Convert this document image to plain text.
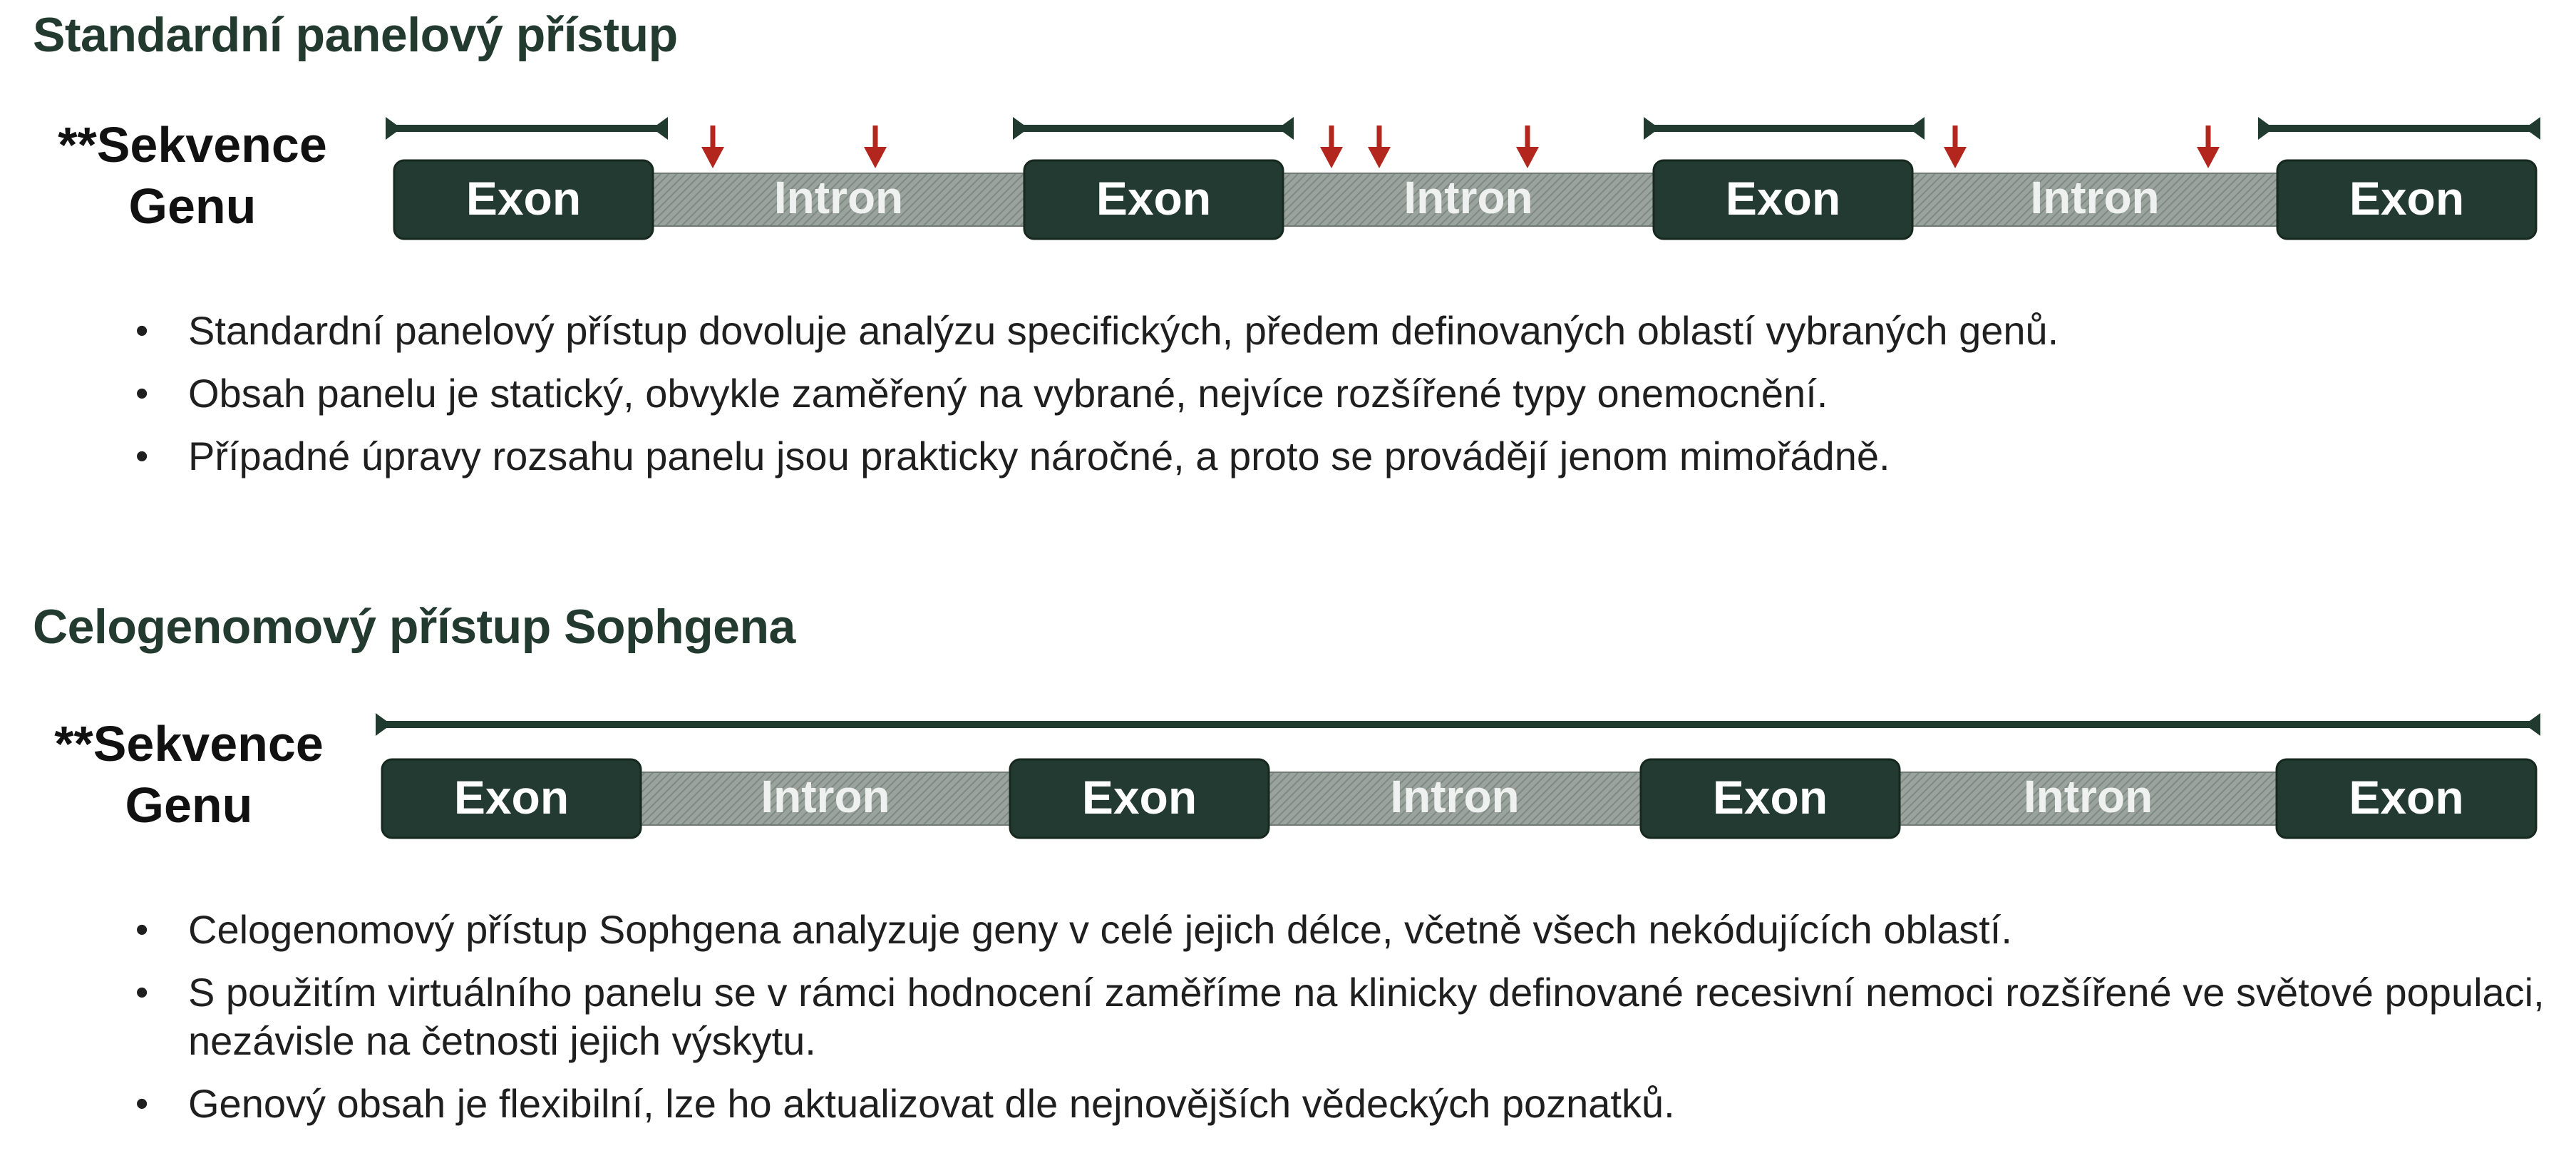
Standardní panelový přístup
**Sekvence
Genu	Intron	Intron	Intron
Exon	Exon	Exon	Exon
• Standardní panelový přístup dovoluje analýzu specifických, předem definovaných oblastí vybraných genů.
• Obsah panelu je statický, obvykle zaměřený na vybrané, nejvíce rozšířené typy onemocnění.
• Případné úpravy rozsahu panelu jsou prakticky náročné, a proto se provádějí jenom mimořádně.
Celogenomový přístup Sophgena
**Sekvence
Genu	Intron	Intron	Intron
Exon	Exon	Exon	Exon
• Celogenomový přístup Sophgena analyzuje geny v celé jejich délce, včetně všech nekódujících oblastí.
• S použitím virtuálního panelu se v rámci hodnocení zaměříme na klinicky definované recesivní nemoci rozšířené ve světové populaci, nezávisle na četnosti jejich výskytu.
• Genový obsah je flexibilní, lze ho aktualizovat dle nejnovějších vědeckých poznatků.
